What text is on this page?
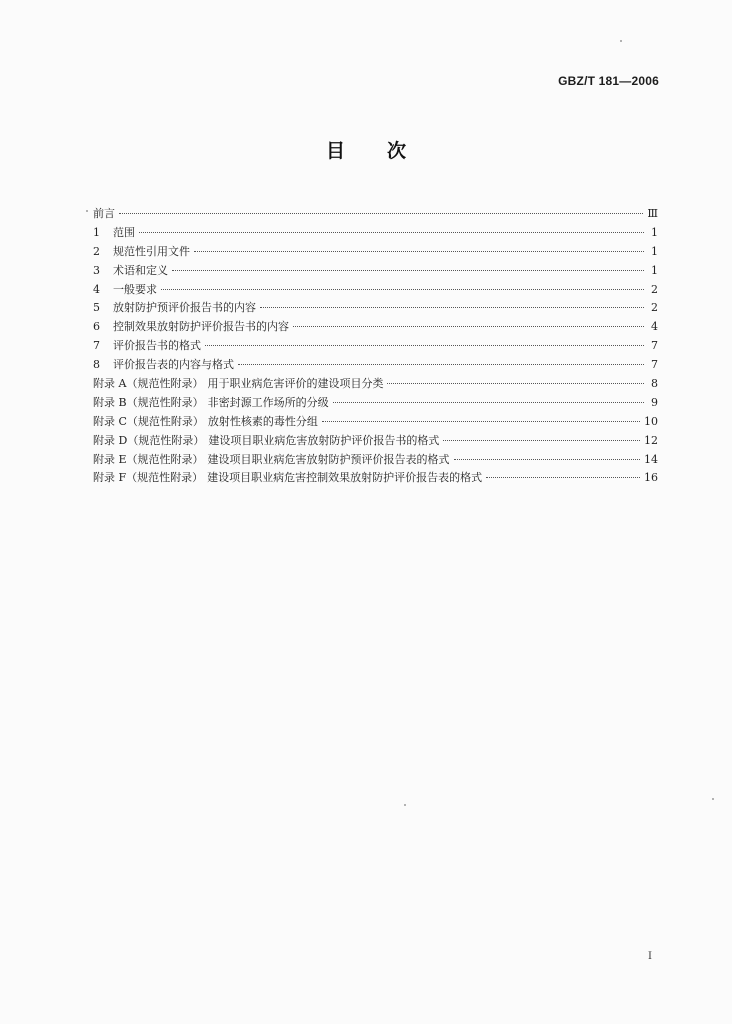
GBZ/T 181—2006
目 次
前言	Ⅲ
1	范围	1
2	规范性引用文件	1
3	术语和定义	1
4	一般要求	2
5	放射防护预评价报告书的内容	2
6	控制效果放射防护评价报告书的内容	4
7	评价报告书的格式	7
8	评价报告表的内容与格式	7
附录 A（规范性附录） 用于职业病危害评价的建设项目分类	8
附录 B（规范性附录） 非密封源工作场所的分级	9
附录 C（规范性附录） 放射性核素的毒性分组	10
附录 D（规范性附录） 建设项目职业病危害放射防护评价报告书的格式	12
附录 E（规范性附录） 建设项目职业病危害放射防护预评价报告表的格式	14
附录 F（规范性附录） 建设项目职业病危害控制效果放射防护评价报告表的格式	16
I
